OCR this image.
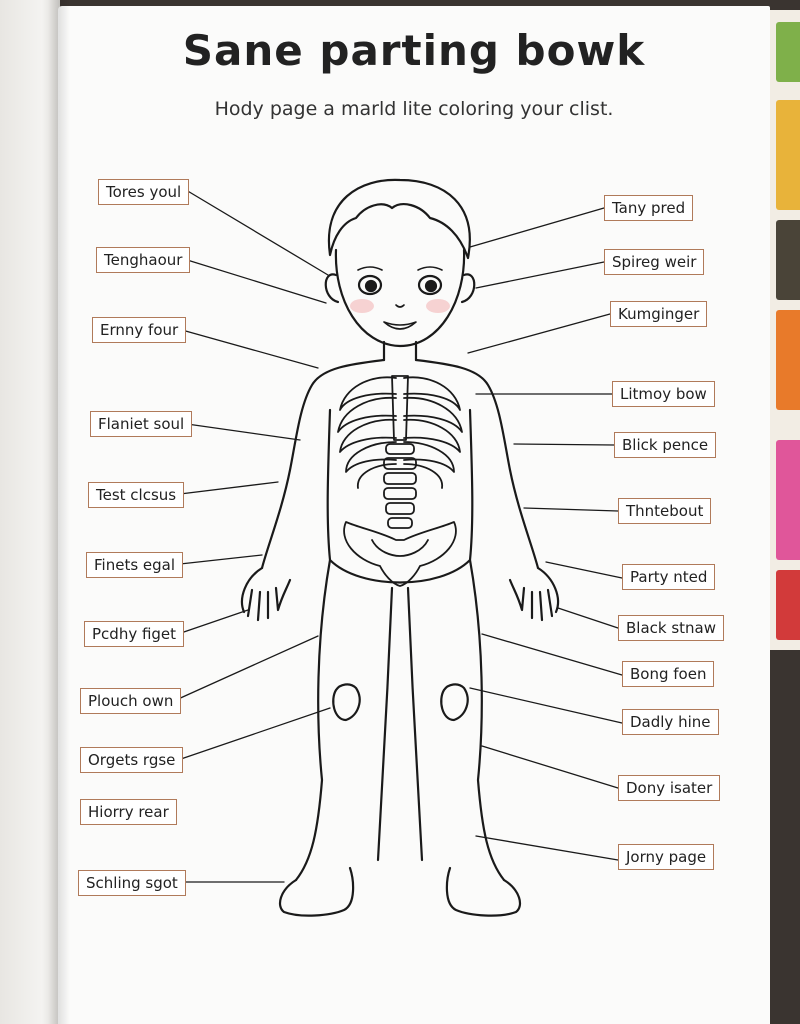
Sane parting bowk

Hody page a marld lite coloring your clist.

Tores youl
Tenghaour
Ernny four
Flaniet soul
Test clcsus
Finets egal
Pcdhy figet
Plouch own
Orgets rgse
Hiorry rear
Schling sgot
Tany pred
Spireg weir
Kumginger
Litmoy bow
Blick pence
Thntebout
Party nted
Black stnaw
Bong foen
Dadly hine
Dony isater
Jorny page
